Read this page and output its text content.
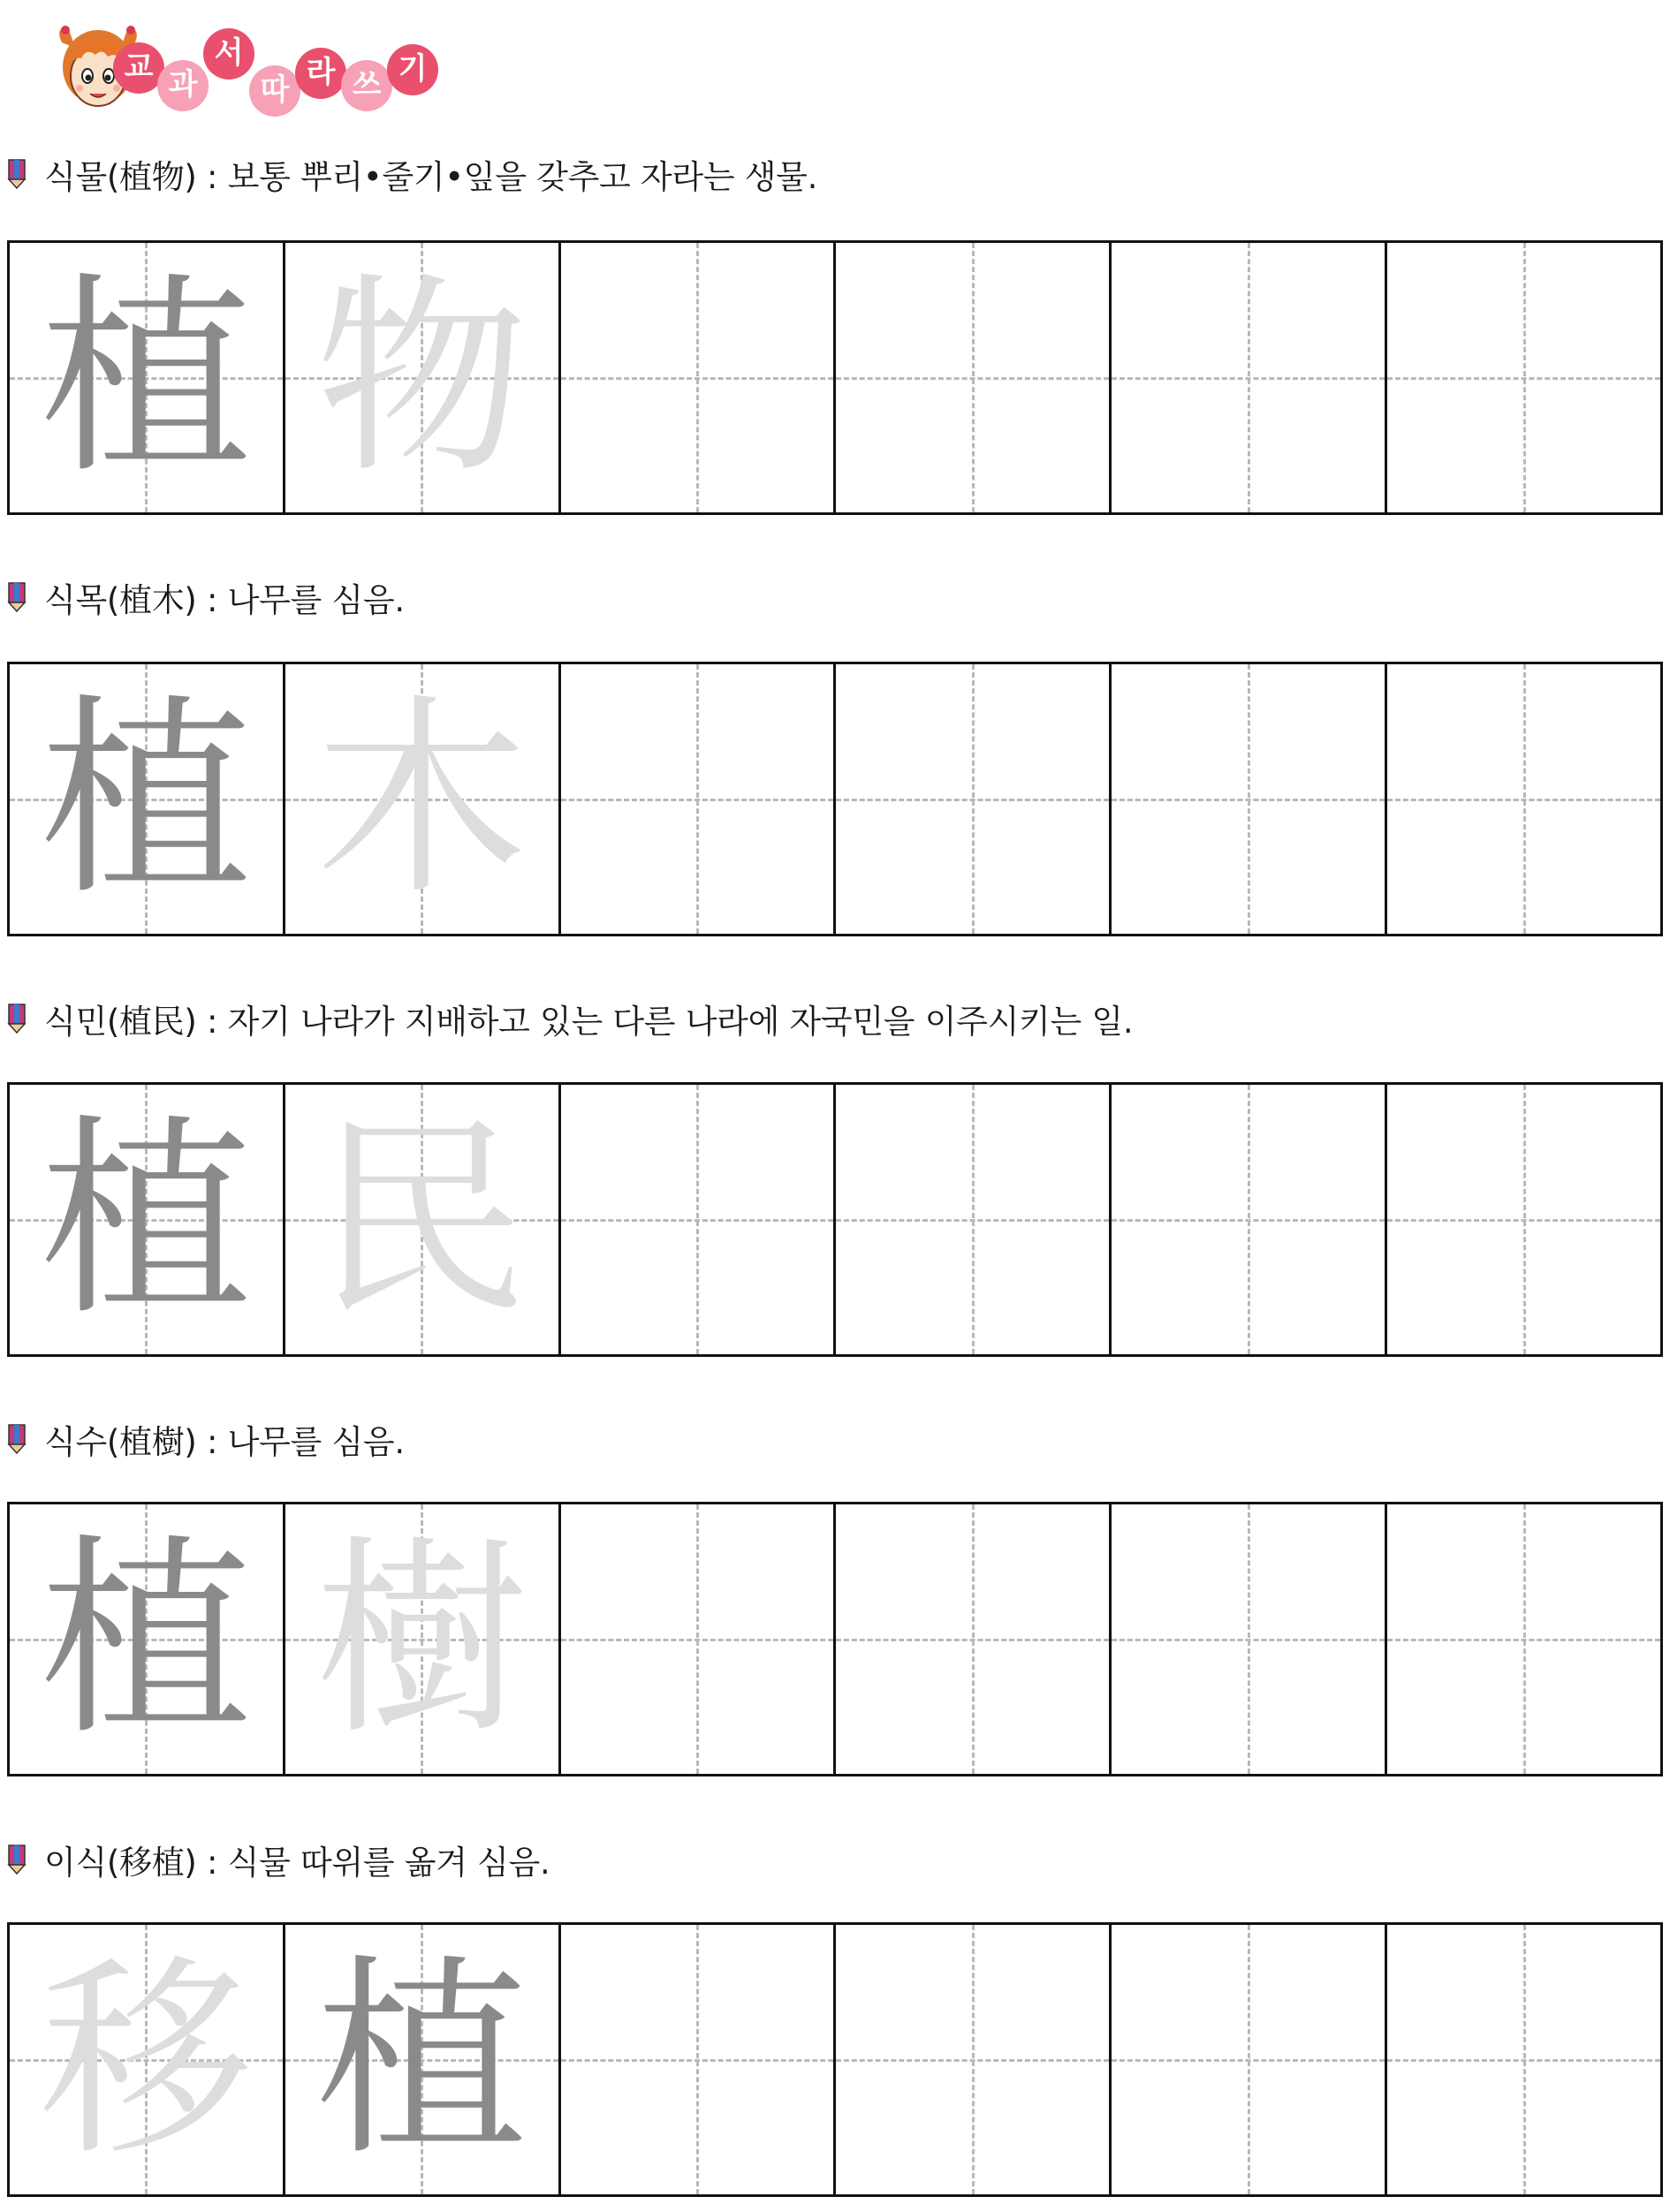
교 과
서
따 라 쓰 기
식물(植物) : 보통 뿌리•줄기•잎을 갖추고 자라는 생물.
植 物
식목(植木) : 나무를 심음.
植 木
식민(植民) : 자기 나라가 지배하고 있는 다른 나라에 자국민을 이주시키는 일.
植 民
식수(植樹) : 나무를 심음.
植 樹
이식(移植) : 식물 따위를 옮겨 심음.
移 植
